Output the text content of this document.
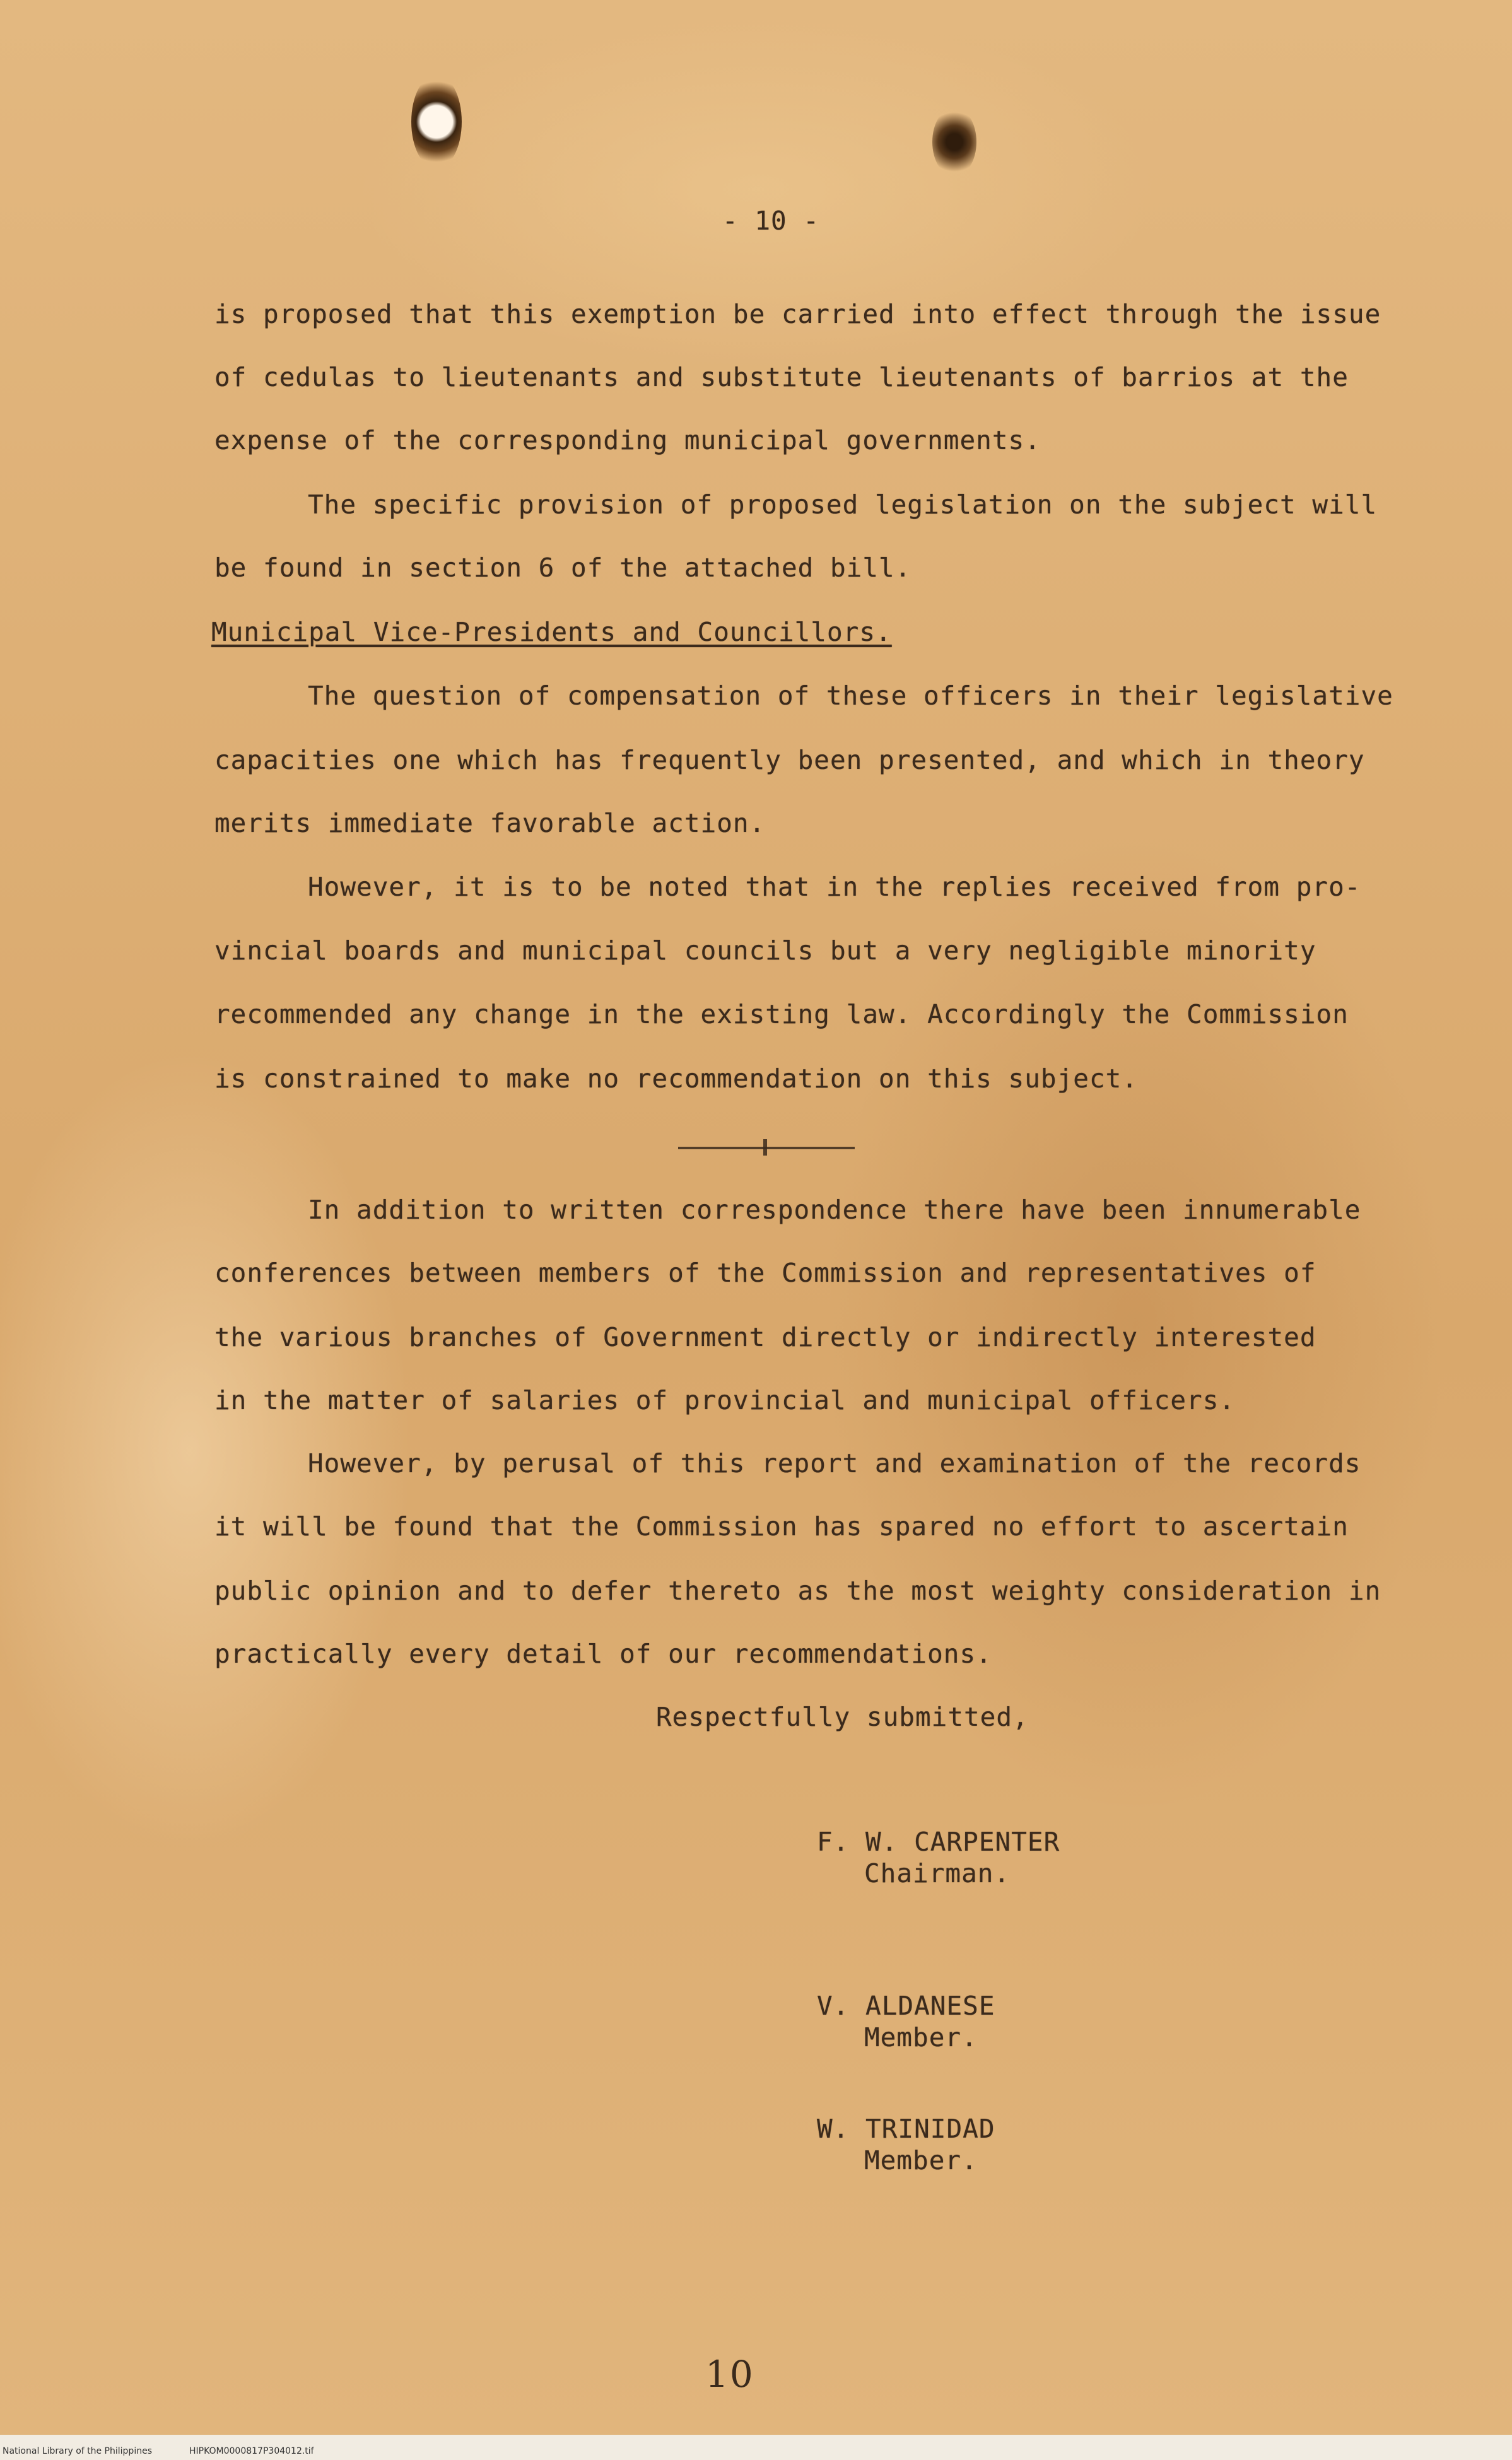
- 10 -
is proposed that this exemption be carried into effect through the issue
of cedulas to lieutenants and substitute lieutenants of barrios at the
expense of the corresponding municipal governments.
The specific provision of proposed legislation on the subject will
be found in section 6 of the attached bill.
Municipal Vice-Presidents and Councillors.
The question of compensation of these officers in their legislative
capacities one which has frequently been presented, and which in theory
merits immediate favorable action.
However, it is to be noted that in the replies received from pro-
vincial boards and municipal councils but a very negligible minority
recommended any change in the existing law. Accordingly the Commission
is constrained to make no recommendation on this subject.
In addition to written correspondence there have been innumerable
conferences between members of the Commission and representatives of
the various branches of Government directly or indirectly interested
in the matter of salaries of provincial and municipal officers.
However, by perusal of this report and examination of the records
it will be found that the Commission has spared no effort to ascertain
public opinion and to defer thereto as the most weighty consideration in
practically every detail of our recommendations.
Respectfully submitted,
F. W. CARPENTER
Chairman.
V. ALDANESE
Member.
W. TRINIDAD
Member.
10
National Library of the Philippines	HIPKOM0000817P304012.tif
